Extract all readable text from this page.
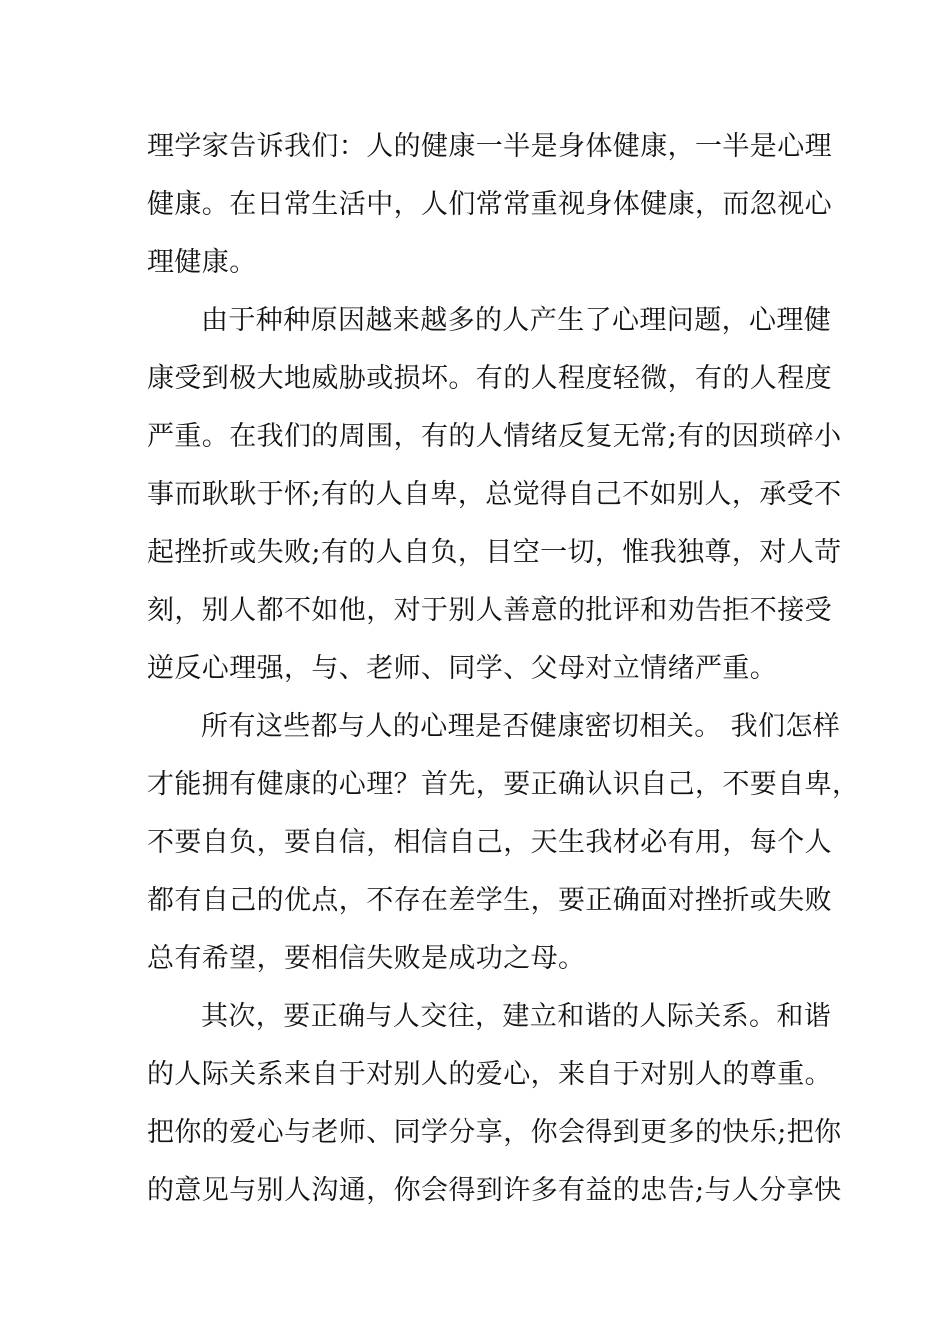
理学家告诉我们：人的健康一半是身体健康，一半是心理
健康。在日常生活中，人们常常重视身体健康，而忽视心
理健康。

由于种种原因越来越多的人产生了心理问题，心理健
康受到极大地威胁或损坏。有的人程度轻微，有的人程度
严重。在我们的周围，有的人情绪反复无常;有的因琐碎小
事而耿耿于怀;有的人自卑，总觉得自己不如别人，承受不
起挫折或失败;有的人自负，目空一切，惟我独尊，对人苛
刻，别人都不如他，对于别人善意的批评和劝告拒不接受
逆反心理强，与、老师、同学、父母对立情绪严重。

所有这些都与人的心理是否健康密切相关。 我们怎样
才能拥有健康的心理？首先，要正确认识自己，不要自卑，
不要自负，要自信，相信自己，天生我材必有用，每个人
都有自己的优点，不存在差学生，要正确面对挫折或失败
总有希望，要相信失败是成功之母。

其次，要正确与人交往，建立和谐的人际关系。和谐
的人际关系来自于对别人的爱心，来自于对别人的尊重。
把你的爱心与老师、同学分享，你会得到更多的快乐;把你
的意见与别人沟通，你会得到许多有益的忠告;与人分享快
